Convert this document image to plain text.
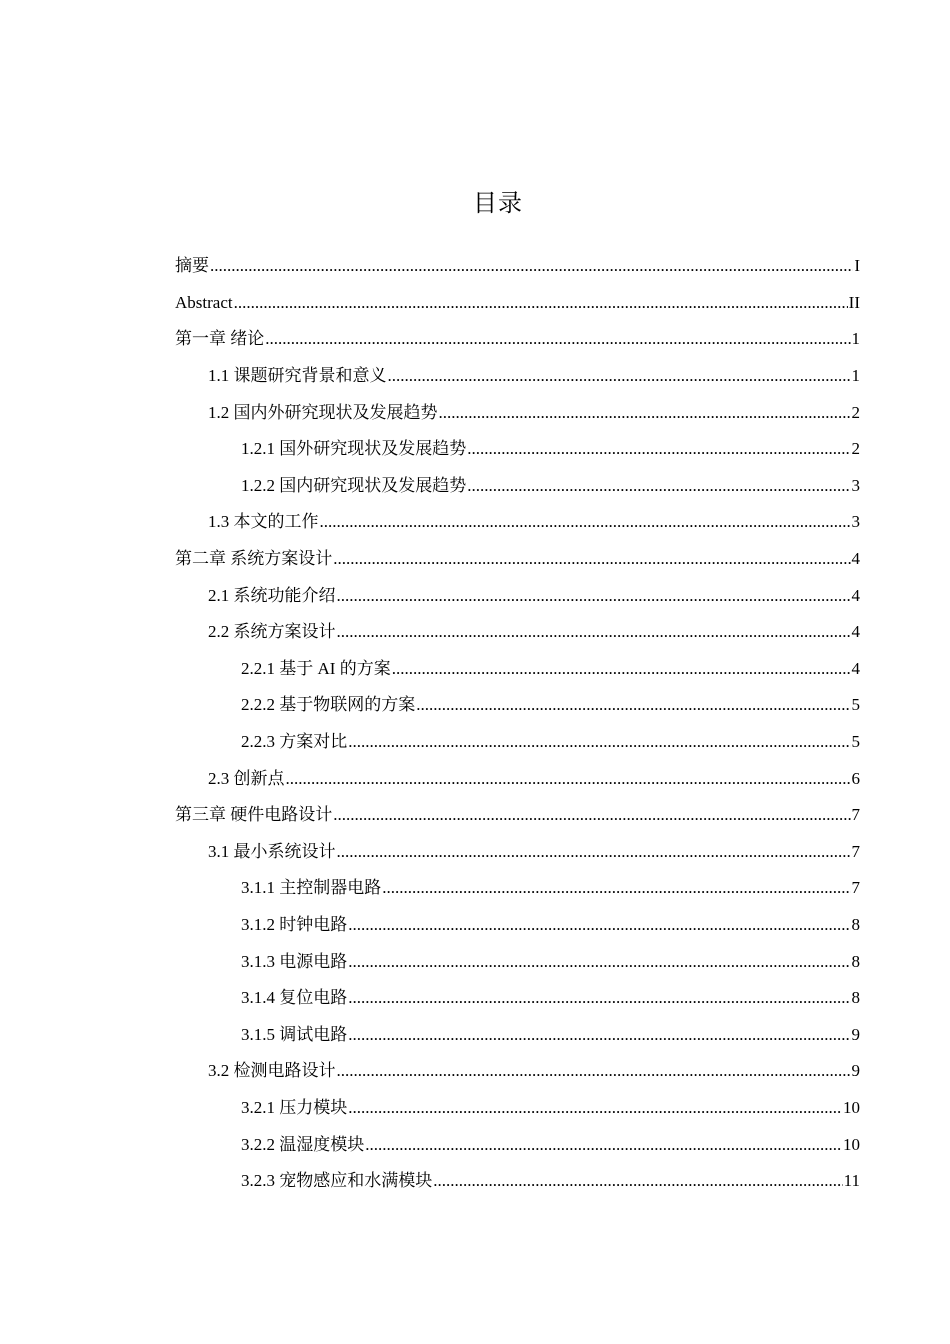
目录
摘要 .....	I
Abstract .....	II
第一章 绪论 .....	1
1.1 课题研究背景和意义 .....	1
1.2 国内外研究现状及发展趋势 .....	2
1.2.1 国外研究现状及发展趋势 .....	2
1.2.2 国内研究现状及发展趋势 .....	3
1.3 本文的工作 .....	3
第二章 系统方案设计 .....	4
2.1 系统功能介绍 .....	4
2.2 系统方案设计 .....	4
2.2.1 基于 AI 的方案 .....	4
2.2.2 基于物联网的方案 .....	5
2.2.3 方案对比 .....	5
2.3 创新点 .....	6
第三章 硬件电路设计 .....	7
3.1 最小系统设计 .....	7
3.1.1 主控制器电路 .....	7
3.1.2 时钟电路 .....	8
3.1.3 电源电路 .....	8
3.1.4 复位电路 .....	8
3.1.5 调试电路 .....	9
3.2 检测电路设计 .....	9
3.2.1 压力模块 .....	10
3.2.2 温湿度模块 .....	10
3.2.3 宠物感应和水满模块 .....	11
